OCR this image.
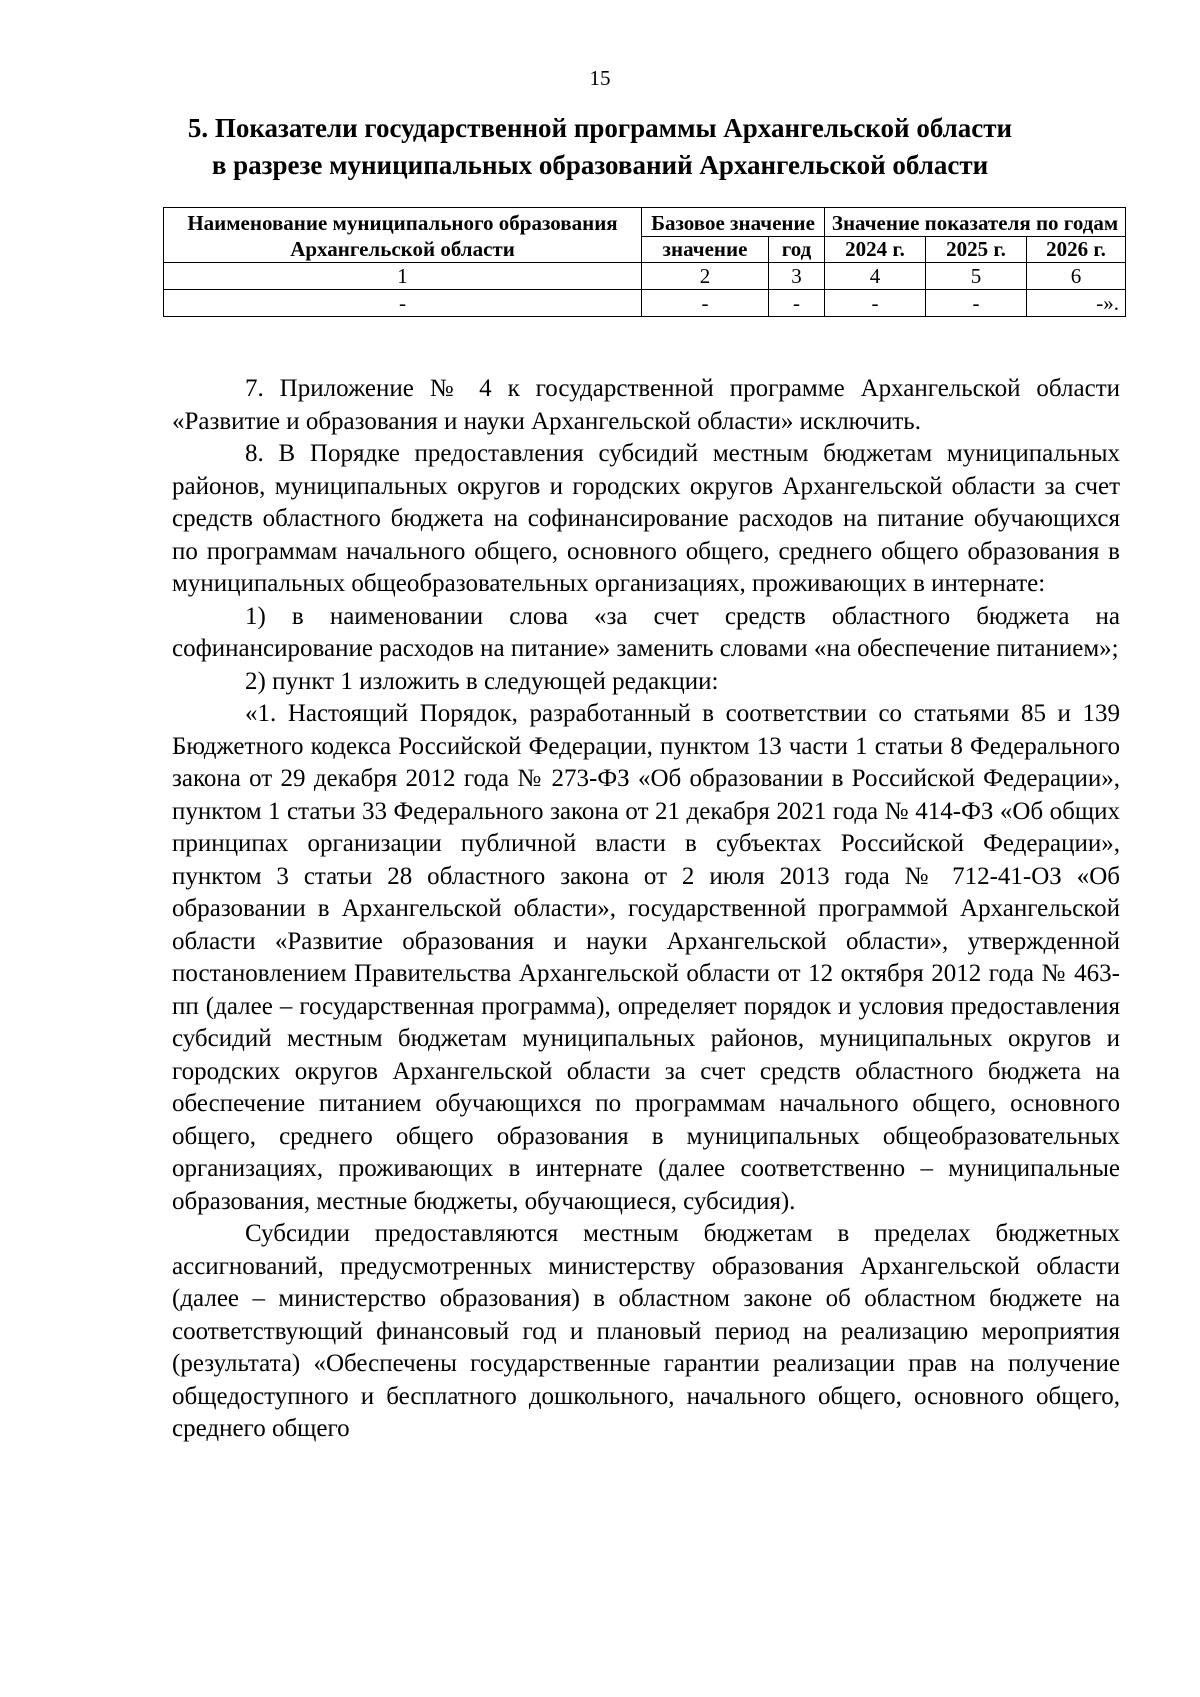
15
5. Показатели государственной программы Архангельской области
в разрезе муниципальных образований Архангельской области
Наименование муниципального образования Архангельской области	Базовое значение		Значение показателя по годам		
	значение	год	2024 г.	2025 г.	2026 г.
1	2	3	4	5	6
-	-	-	-	-	-».

7. Приложение № 4 к государственной программе Архангельской области «Развитие и образования и науки Архангельской области» исключить.

8. В Порядке предоставления субсидий местным бюджетам муниципальных районов, муниципальных округов и городских округов Архангельской области за счет средств областного бюджета на софинансирование расходов на питание обучающихся по программам начального общего, основного общего, среднего общего образования в муниципальных общеобразовательных организациях, проживающих в интернате:

1) в наименовании слова «за счет средств областного бюджета на софинансирование расходов на питание» заменить словами «на обеспечение питанием»;

2) пункт 1 изложить в следующей редакции:

«1. Настоящий Порядок, разработанный в соответствии со статьями 85 и 139 Бюджетного кодекса Российской Федерации, пунктом 13 части 1 статьи 8 Федерального закона от 29 декабря 2012 года № 273-ФЗ «Об образовании в Российской Федерации», пунктом 1 статьи 33 Федерального закона от 21 декабря 2021 года № 414-ФЗ «Об общих принципах организации публичной власти в субъектах Российской Федерации», пунктом 3 статьи 28 областного закона от 2 июля 2013 года № 712-41-ОЗ «Об образовании в Архангельской области», государственной программой Архангельской области «Развитие образования и науки Архангельской области», утвержденной постановлением Правительства Архангельской области от 12 октября 2012 года № 463-пп (далее – государственная программа), определяет порядок и условия предоставления субсидий местным бюджетам муниципальных районов, муниципальных округов и городских округов Архангельской области за счет средств областного бюджета на обеспечение питанием обучающихся по программам начального общего, основного общего, среднего общего образования в муниципальных общеобразовательных организациях, проживающих в интернате (далее соответственно – муниципальные образования, местные бюджеты, обучающиеся, субсидия).

Субсидии предоставляются местным бюджетам в пределах бюджетных ассигнований, предусмотренных министерству образования Архангельской области (далее – министерство образования) в областном законе об областном бюджете на соответствующий финансовый год и плановый период на реализацию мероприятия (результата) «Обеспечены государственные гарантии реализации прав на получение общедоступного и бесплатного дошкольного, начального общего, основного общего, среднего общего
